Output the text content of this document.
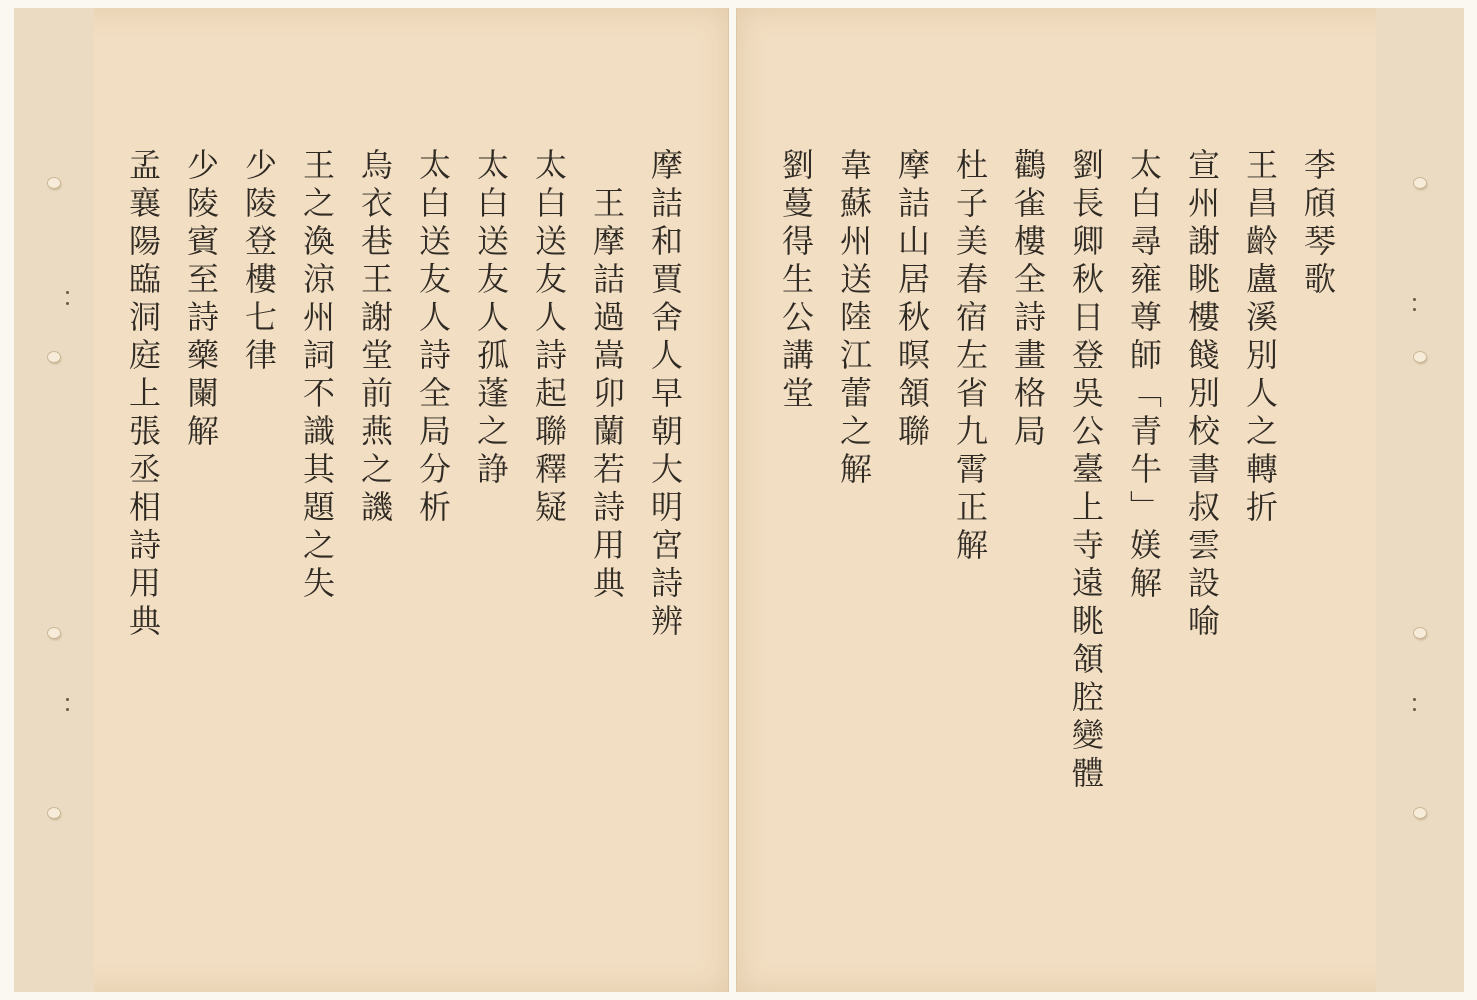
摩詰和賈舍人早朝大明宮詩辨

王摩詰過嵩卯蘭若詩用典

太白送友人詩起聯釋疑

太白送友人孤蓬之諍

太白送友人詩全局分析

烏衣巷王謝堂前燕之譏

王之渙涼州詞不識其題之失

少陵登樓七律

少陵賓至詩藥闌解

孟襄陽臨洞庭上張丞相詩用典	李頎琴歌

王昌齡盧溪別人之轉折

宣州謝眺樓餞別校書叔雲設喻

太白尋雍尊師「青牛」媄解

劉長卿秋日登吳公臺上寺遠眺頷腔變體

鸛雀樓全詩畫格局

杜子美春宿左省九霄正解

摩詰山居秋暝頷聯

韋蘇州送陸江蕾之解

劉蔓得生公講堂
